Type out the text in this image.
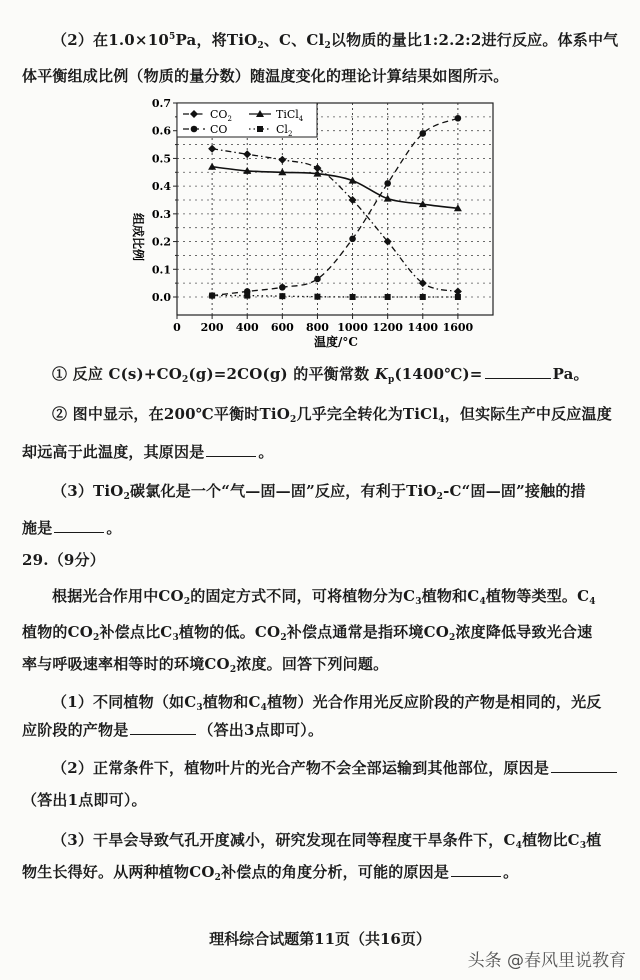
（2）在$1.0\times 10^5Pa$，将TiO$_2$、C、$Cl_2$以物质的量比1:2.2:2进行反应。体系中气
体平衡组成比例（物质的量分数）随温度变化的理论计算结果如图所示。
0.0
0.1
0.2
0.3
0.4
0.5
0.6
0.7
0 200 400 600 800 1000 1200 1400 1600
$CO_2$	TiCl$_4$
CO	$Cl_2$
组成比例
温度/°C
① 反应 $C(s)+CO_2(g)=2CO(g)$ 的平衡常数 $K_p(1400℃)=$	Pa。
② 图中显示，在200℃平衡时TiO$_2$几乎完全转化为TiCl$_4$，但实际生产中反应温度
却远高于此温度，其原因是	。
（3）TiO$_2$碳氯化是一个“气—固—固”反应，有利于TiO$_2$-C“固—固”接触的措
施是	。
29.（9分）
根据光合作用中$CO_2$的固定方式不同，可将植物分为$C_3$植物和$C_4$植物等类型。$C_4$
植物的$CO_2$补偿点比$C_3$植物的低。$CO_2$补偿点通常是指环境$CO_2$浓度降低导致光合速
率与呼吸速率相等时的环境$CO_2$浓度。回答下列问题。
（1）不同植物（如$C_3$植物和$C_4$植物）光合作用光反应阶段的产物是相同的，光反
应阶段的产物是	（答出3点即可）。
（2）正常条件下，植物叶片的光合产物不会全部运输到其他部位，原因是
（答出1点即可）。
（3）干旱会导致气孔开度减小，研究发现在同等程度干旱条件下，$C_4$植物比$C_3$植
物生长得好。从两种植物$CO_2$补偿点的角度分析，可能的原因是	。
理科综合试题第11页（共16页）
头条 @春风里说教育
